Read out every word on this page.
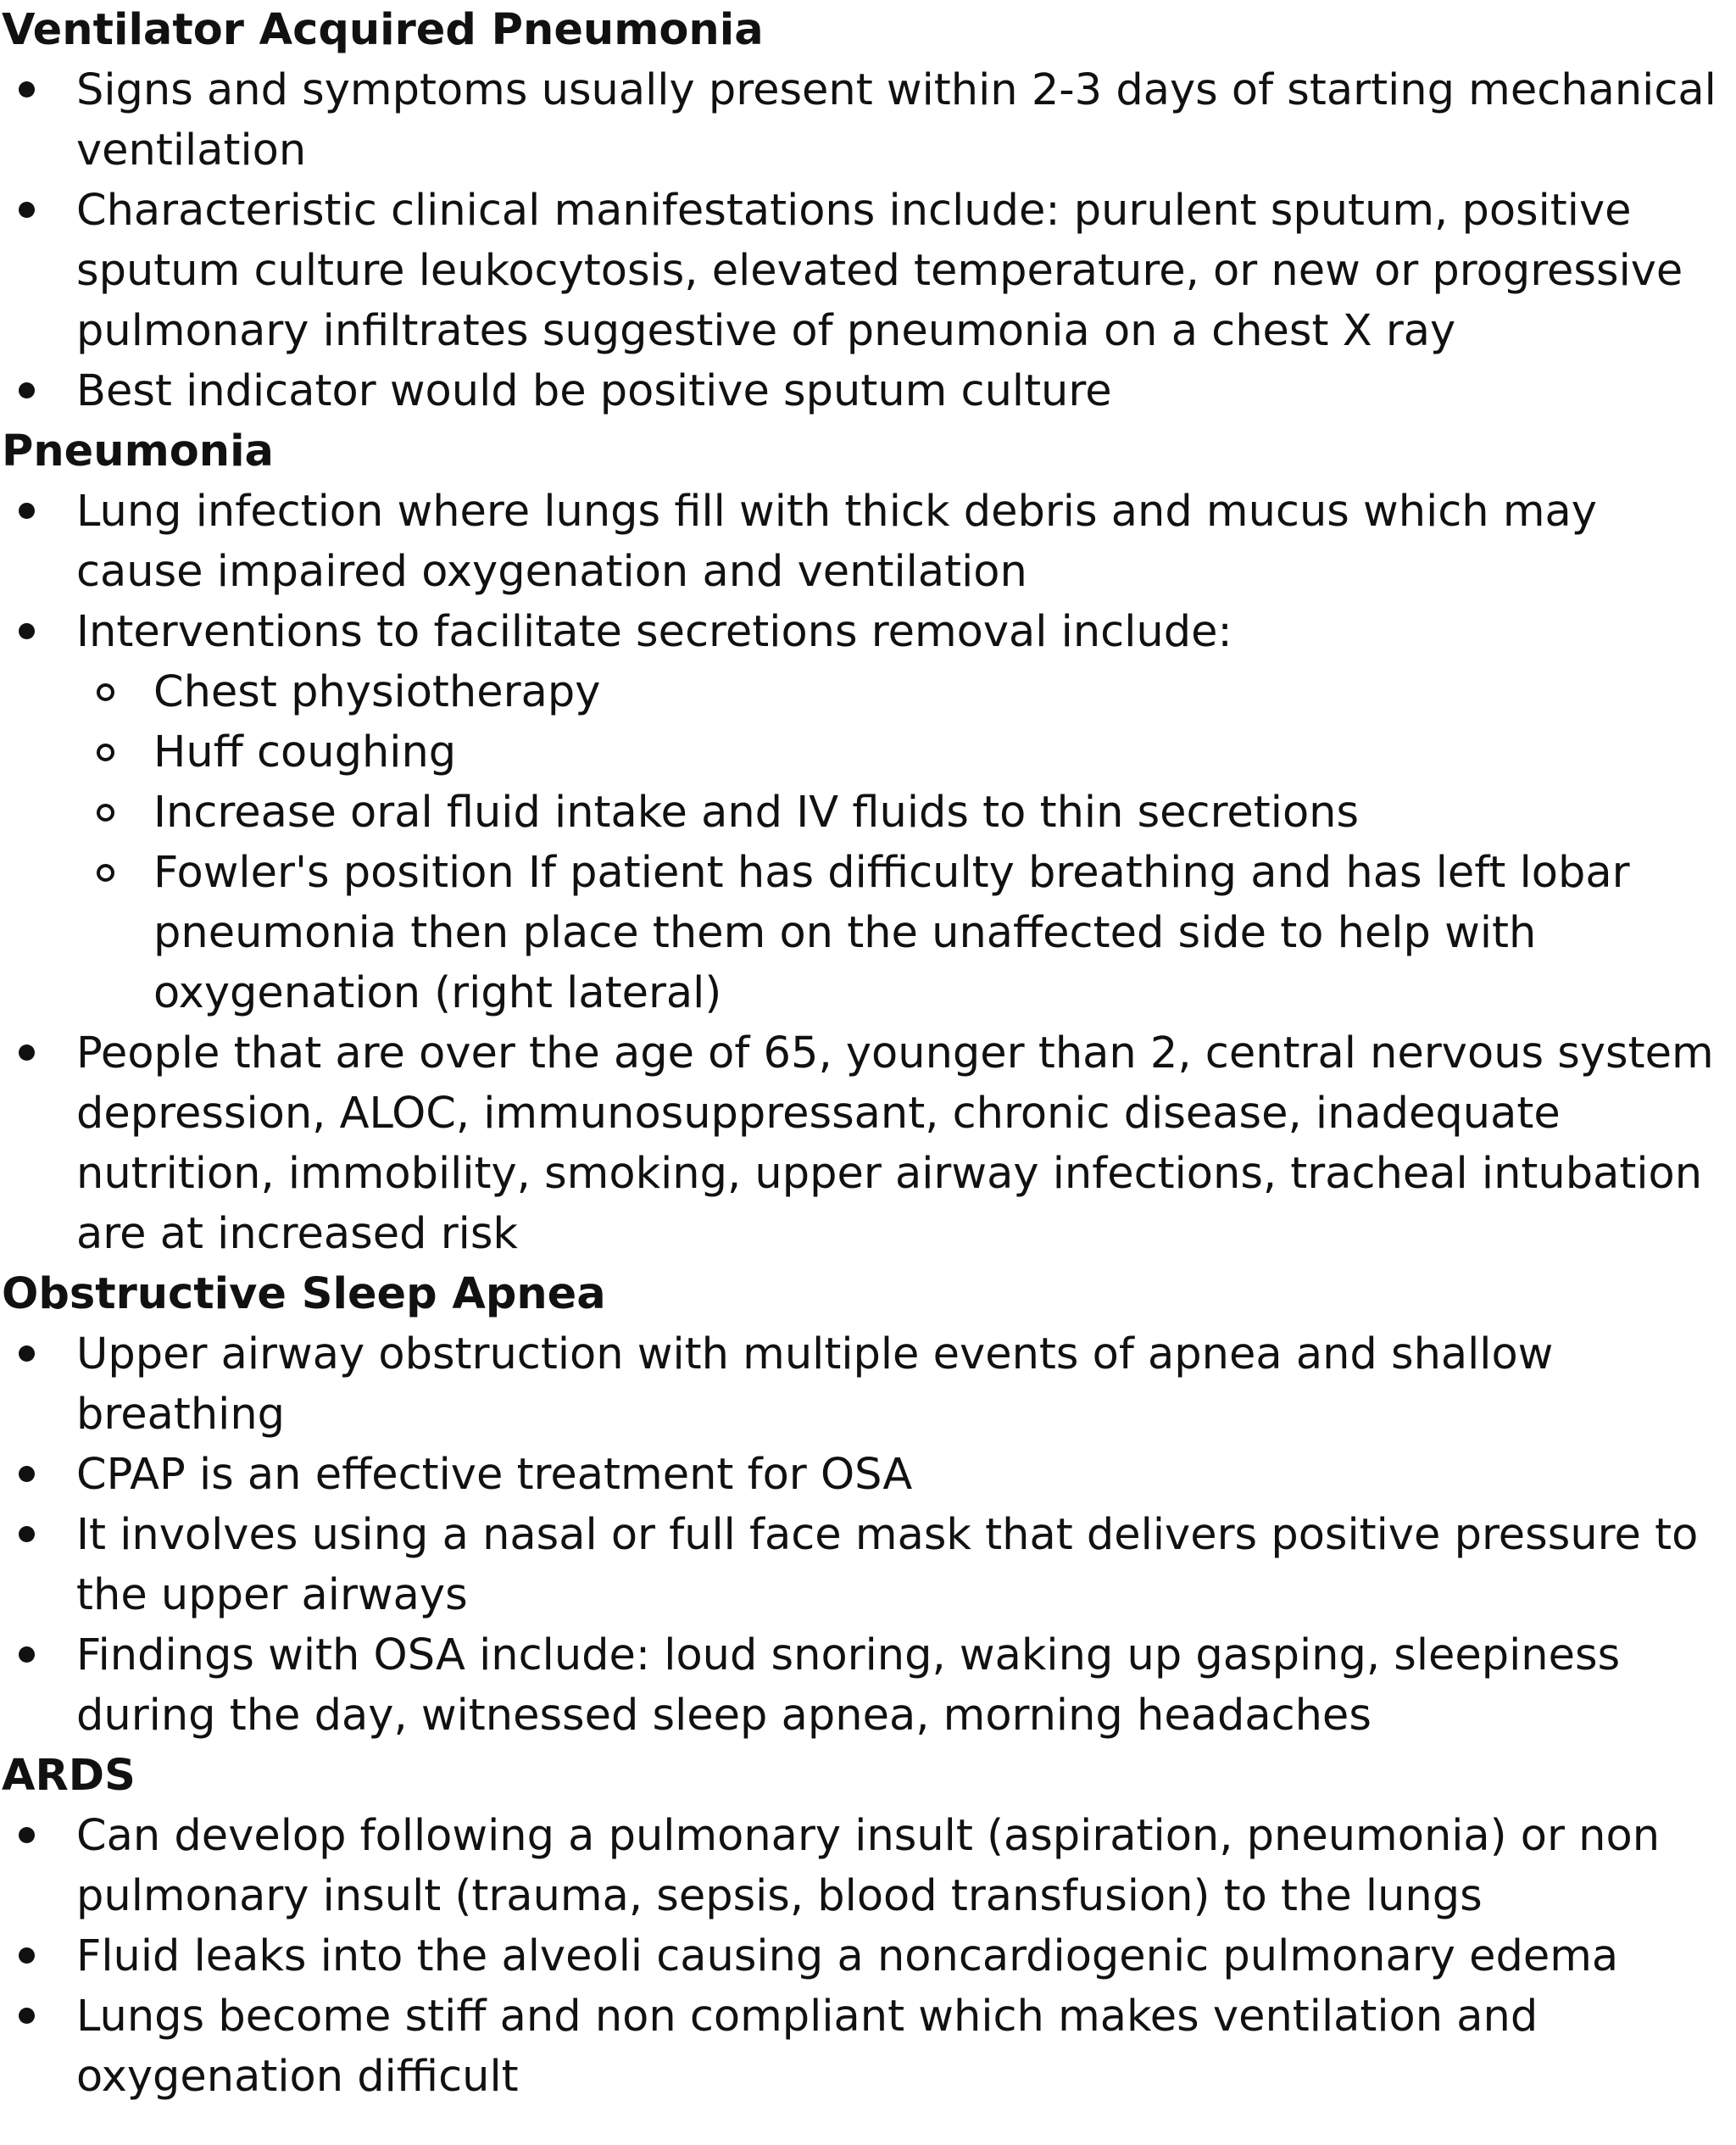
Ventilator Acquired Pneumonia
Signs and symptoms usually present within 2-3 days of starting mechanical ventilation
Characteristic clinical manifestations include: purulent sputum, positive sputum culture leukocytosis, elevated temperature, or new or progressive pulmonary infiltrates suggestive of pneumonia on a chest X ray
Best indicator would be positive sputum culture
Pneumonia
Lung infection where lungs fill with thick debris and mucus which may cause impaired oxygenation and ventilation
Interventions to facilitate secretions removal include:
Chest physiotherapy
Huff coughing
Increase oral fluid intake and IV fluids to thin secretions
Fowler's position If patient has difficulty breathing and has left lobar pneumonia then place them on the unaffected side to help with oxygenation (right lateral)
People that are over the age of 65, younger than 2, central nervous system depression, ALOC, immunosuppressant, chronic disease, inadequate nutrition, immobility, smoking, upper airway infections, tracheal intubation are at increased risk
Obstructive Sleep Apnea
Upper airway obstruction with multiple events of apnea and shallow breathing
CPAP is an effective treatment for OSA
It involves using a nasal or full face mask that delivers positive pressure to the upper airways
Findings with OSA include: loud snoring, waking up gasping, sleepiness during the day, witnessed sleep apnea, morning headaches
ARDS
Can develop following a pulmonary insult (aspiration, pneumonia) or non pulmonary insult (trauma, sepsis, blood transfusion) to the lungs
Fluid leaks into the alveoli causing a noncardiogenic pulmonary edema
Lungs become stiff and non compliant which makes ventilation and oxygenation difficult
